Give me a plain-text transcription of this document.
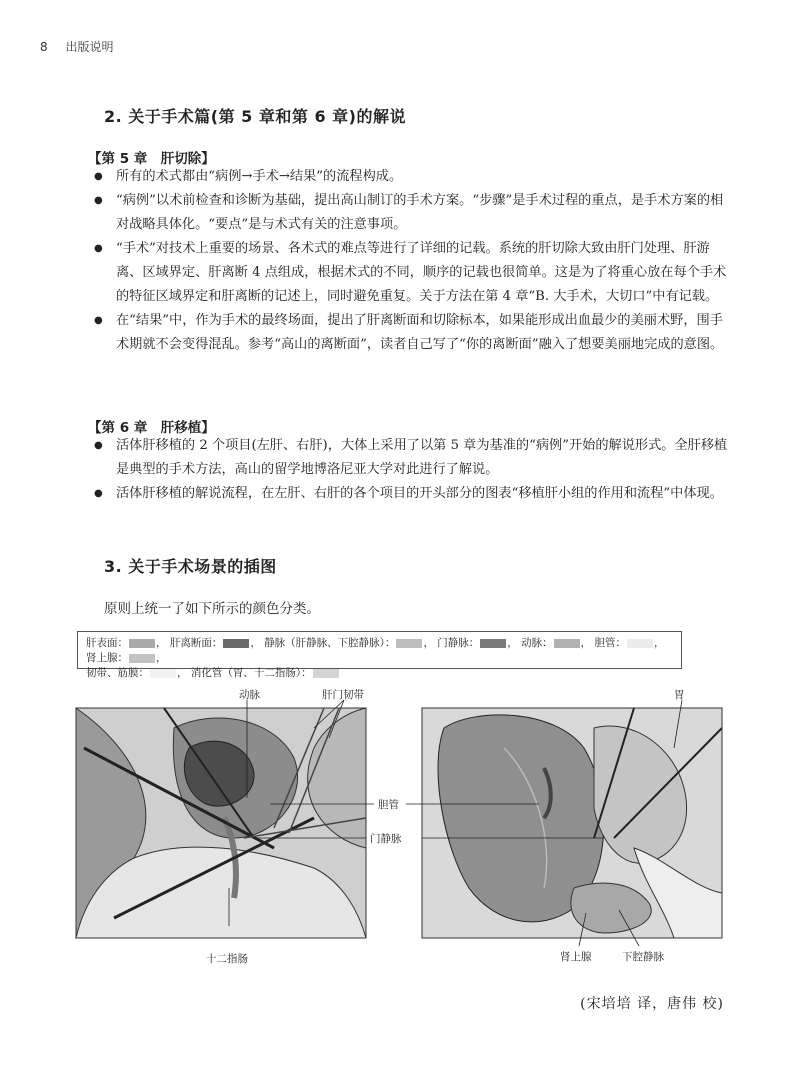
8 出版说明
2. 关于手术篇(第 5 章和第 6 章)的解说
【第 5 章　肝切除】
● 所有的术式都由“病例→手术→结果”的流程构成。
● “病例”以术前检查和诊断为基础，提出高山制订的手术方案。“步骤”是手术过程的重点，是手术方案的相对战略具体化。“要点”是与术式有关的注意事项。
● “手术”对技术上重要的场景、各术式的难点等进行了详细的记载。系统的肝切除大致由肝门处理、肝游离、区域界定、肝离断 4 点组成，根据术式的不同，顺序的记载也很简单。这是为了将重心放在每个手术的特征区域界定和肝离断的记述上，同时避免重复。关于方法在第 4 章“B. 大手术，大切口”中有记载。
● 在“结果”中，作为手术的最终场面，提出了肝离断面和切除标本，如果能形成出血最少的美丽术野，围手术期就不会变得混乱。参考“高山的离断面”，读者自己写了“你的离断面”融入了想要美丽地完成的意图。
【第 6 章　肝移植】
● 活体肝移植的 2 个项目(左肝、右肝)，大体上采用了以第 5 章为基准的“病例”开始的解说形式。全肝移植是典型的手术方法，高山的留学地博洛尼亚大学对此进行了解说。
● 活体肝移植的解说流程，在左肝、右肝的各个项目的开头部分的图表“移植肝小组的作用和流程”中体现。
3. 关于手术场景的插图
原则上统一了如下所示的颜色分类。
肝表面：	， 肝离断面：	， 静脉（肝静脉、下腔静脉）：	， 门静脉：	， 动脉：	， 胆管：	， 肾上腺：	，
韧带、筋膜：	， 消化管（胃、十二指肠）：
动脉	肝门韧带
胆管
门静脉
十二指肠
胃
肾上腺	下腔静脉
(宋培培 译，唐伟 校)
